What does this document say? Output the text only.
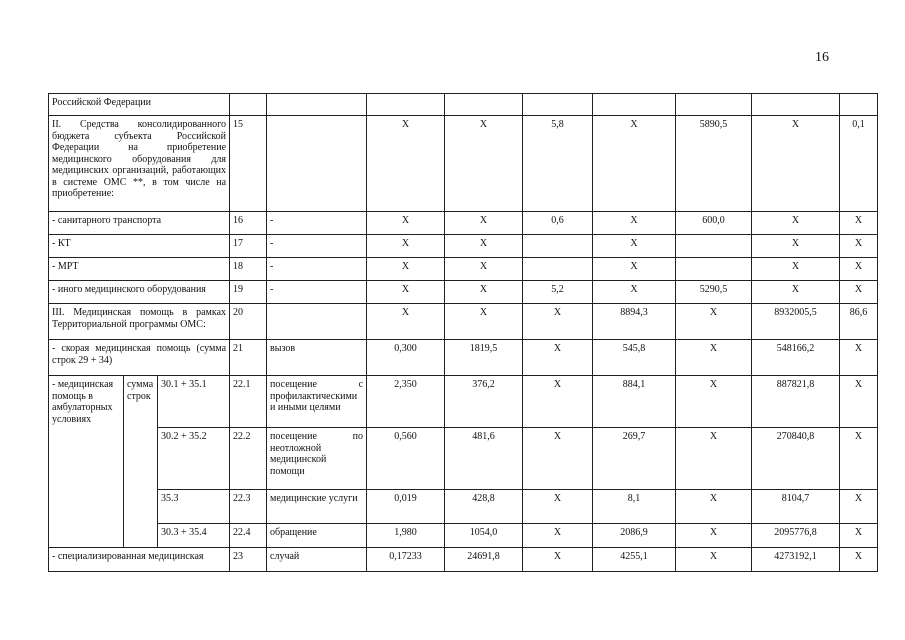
16
Российской Федерации											
II. Средства консолидированного бюджета субъекта Российской Федерации на приобретение медицинского оборудования для медицинских организаций, работающих в системе ОМС **, в том числе на приобретение:			15		X	X	5,8	X	5890,5	X	0,1
- санитарного транспорта			16	-	X	X	0,6	X	600,0	X	X
- КТ			17	-	X	X		X		X	X
- МРТ			18	-	X	X		X		X	X
- иного медицинского оборудования			19	-	X	X	5,2	X	5290,5	X	X
III. Медицинская помощь в рамках Территориальной программы ОМС:			20		X	X	X	8894,3	X	8932005,5	86,6
- скорая медицинская помощь (сумма строк 29 + 34)			21	вызов	0,300	1819,5	X	545,8	X	548166,2	X
- медицинская помощь в амбулаторных условиях	сумма строк	30.1 + 35.1	22.1	посещение с профилактическими и иными целями	2,350	376,2	X	884,1	X	887821,8	X
		30.2 + 35.2	22.2	посещение по неотложной медицинской помощи	0,560	481,6	X	269,7	X	270840,8	X
		35.3	22.3	медицинские услуги	0,019	428,8	X	8,1	X	8104,7	X
		30.3 + 35.4	22.4	обращение	1,980	1054,0	X	2086,9	X	2095776,8	X
- специализированная медицинская			23	случай	0,17233	24691,8	X	4255,1	X	4273192,1	X
